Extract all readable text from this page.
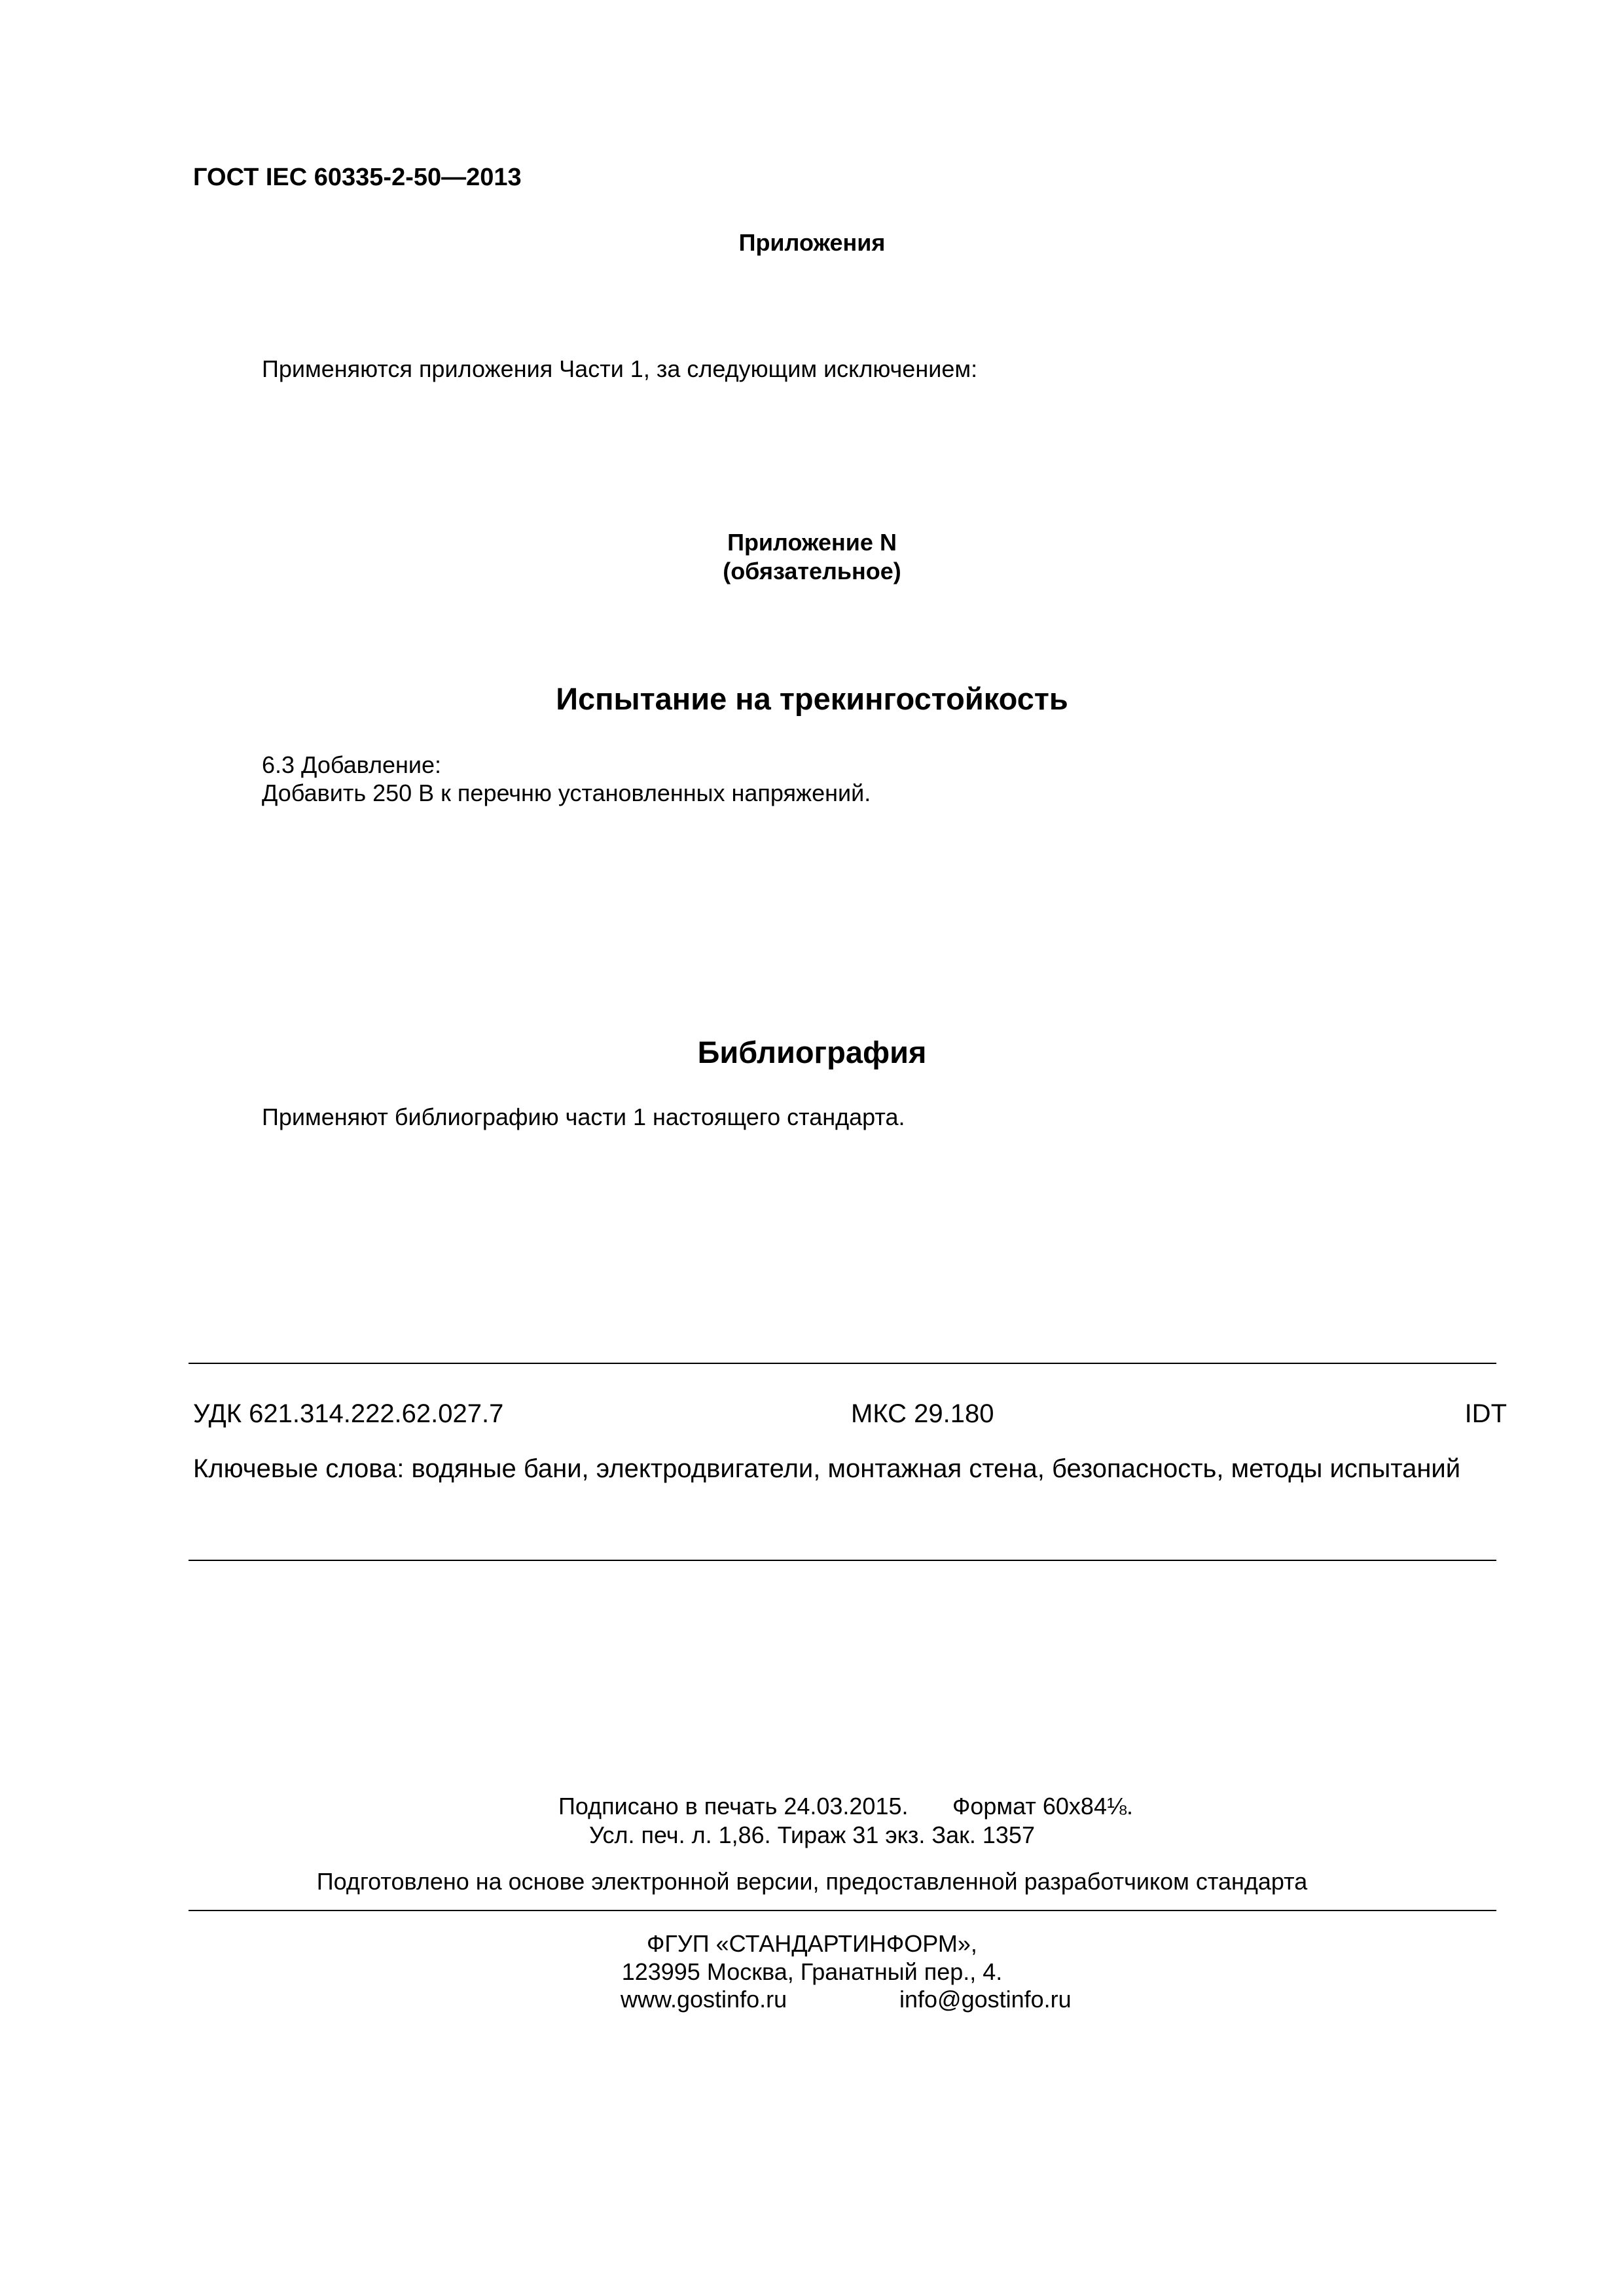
ГОСТ IEC 60335-2-50—2013
Приложения
Применяются приложения Части 1, за следующим исключением:
Приложение N
(обязательное)
Испытание на трекингостойкость
6.3 Добавление:
Добавить 250 В к перечню установленных напряжений.
Библиография
Применяют библиографию части 1 настоящего стандарта.
УДК 621.314.222.62.027.7	МКС 29.180	IDT
Ключевые слова: водяные бани, электродвигатели, монтажная стена, безопасность, методы испытаний
Подписано в печать 24.03.2015. Формат 60x84⅛.
Усл. печ. л. 1,86. Тираж 31 экз. Зак. 1357
Подготовлено на основе электронной версии, предоставленной разработчиком стандарта
ФГУП «СТАНДАРТИНФОРМ»,
123995 Москва, Гранатный пер., 4.
www.gostinfo.ru	info@gostinfo.ru
